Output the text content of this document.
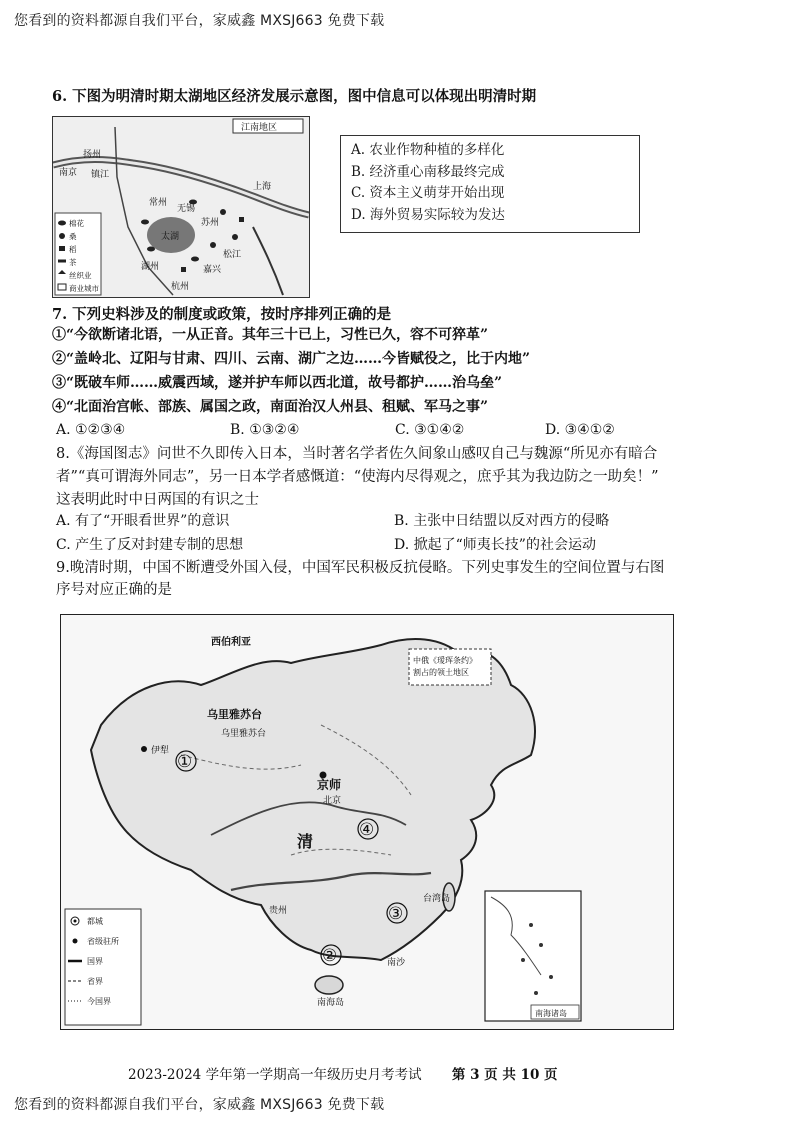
您看到的资料都源自我们平台，家威鑫 MXSJ663 免费下载
6. 下图为明清时期太湖地区经济发展示意图，图中信息可以体现出明清时期
江南地区
扬州
镇江
南京
苏州
湖州
杭州
松江
嘉兴
常州
无锡
太湖
上海
棉花
桑
稻
茶
丝织业
商业城市
A. 农业作物种植的多样化
B. 经济重心南移最终完成
C. 资本主义萌芽开始出现
D. 海外贸易实际较为发达
7. 下列史料涉及的制度或政策，按时序排列正确的是
①“今欲断诸北语，一从正音。其年三十已上，习性已久，容不可猝革”
②“盖岭北、辽阳与甘肃、四川、云南、湖广之边……今皆赋役之，比于内地”
③“既破车师……威震西域，遂并护车师以西北道，故号都护……治乌垒”
④“北面治宫帐、部族、属国之政，南面治汉人州县、租赋、军马之事”
A. ①②③④	B. ①③②④	C. ③①④②	D. ③④①②
8.《海国图志》问世不久即传入日本，当时著名学者佐久间象山感叹自己与魏源“所见亦有暗合
者”“真可谓海外同志”，另一日本学者感慨道：“使海内尽得观之，庶乎其为我边防之一助矣！”
这表明此时中日两国的有识之士
A. 有了“开眼看世界”的意识	B. 主张中日结盟以反对西方的侵略
C. 产生了反对封建专制的思想	D. 掀起了“师夷长技”的社会运动
9.晚清时期，中国不断遭受外国入侵，中国军民积极反抗侵略。下列史事发生的空间位置与右图
序号对应正确的是
中俄《瑷珲条约》割占的领土地区
西伯利亚
乌里雅苏台
乌里雅苏台
伊犁
清
京师
北京
贵州
台湾岛
南海岛
南沙
①
②
③
④
都城
省级驻所
国界
省界
今国界
南海诸岛
2023-2024 学年第一学期高一年级历史月考考试 第 3 页 共 10 页
您看到的资料都源自我们平台，家威鑫 MXSJ663 免费下载
